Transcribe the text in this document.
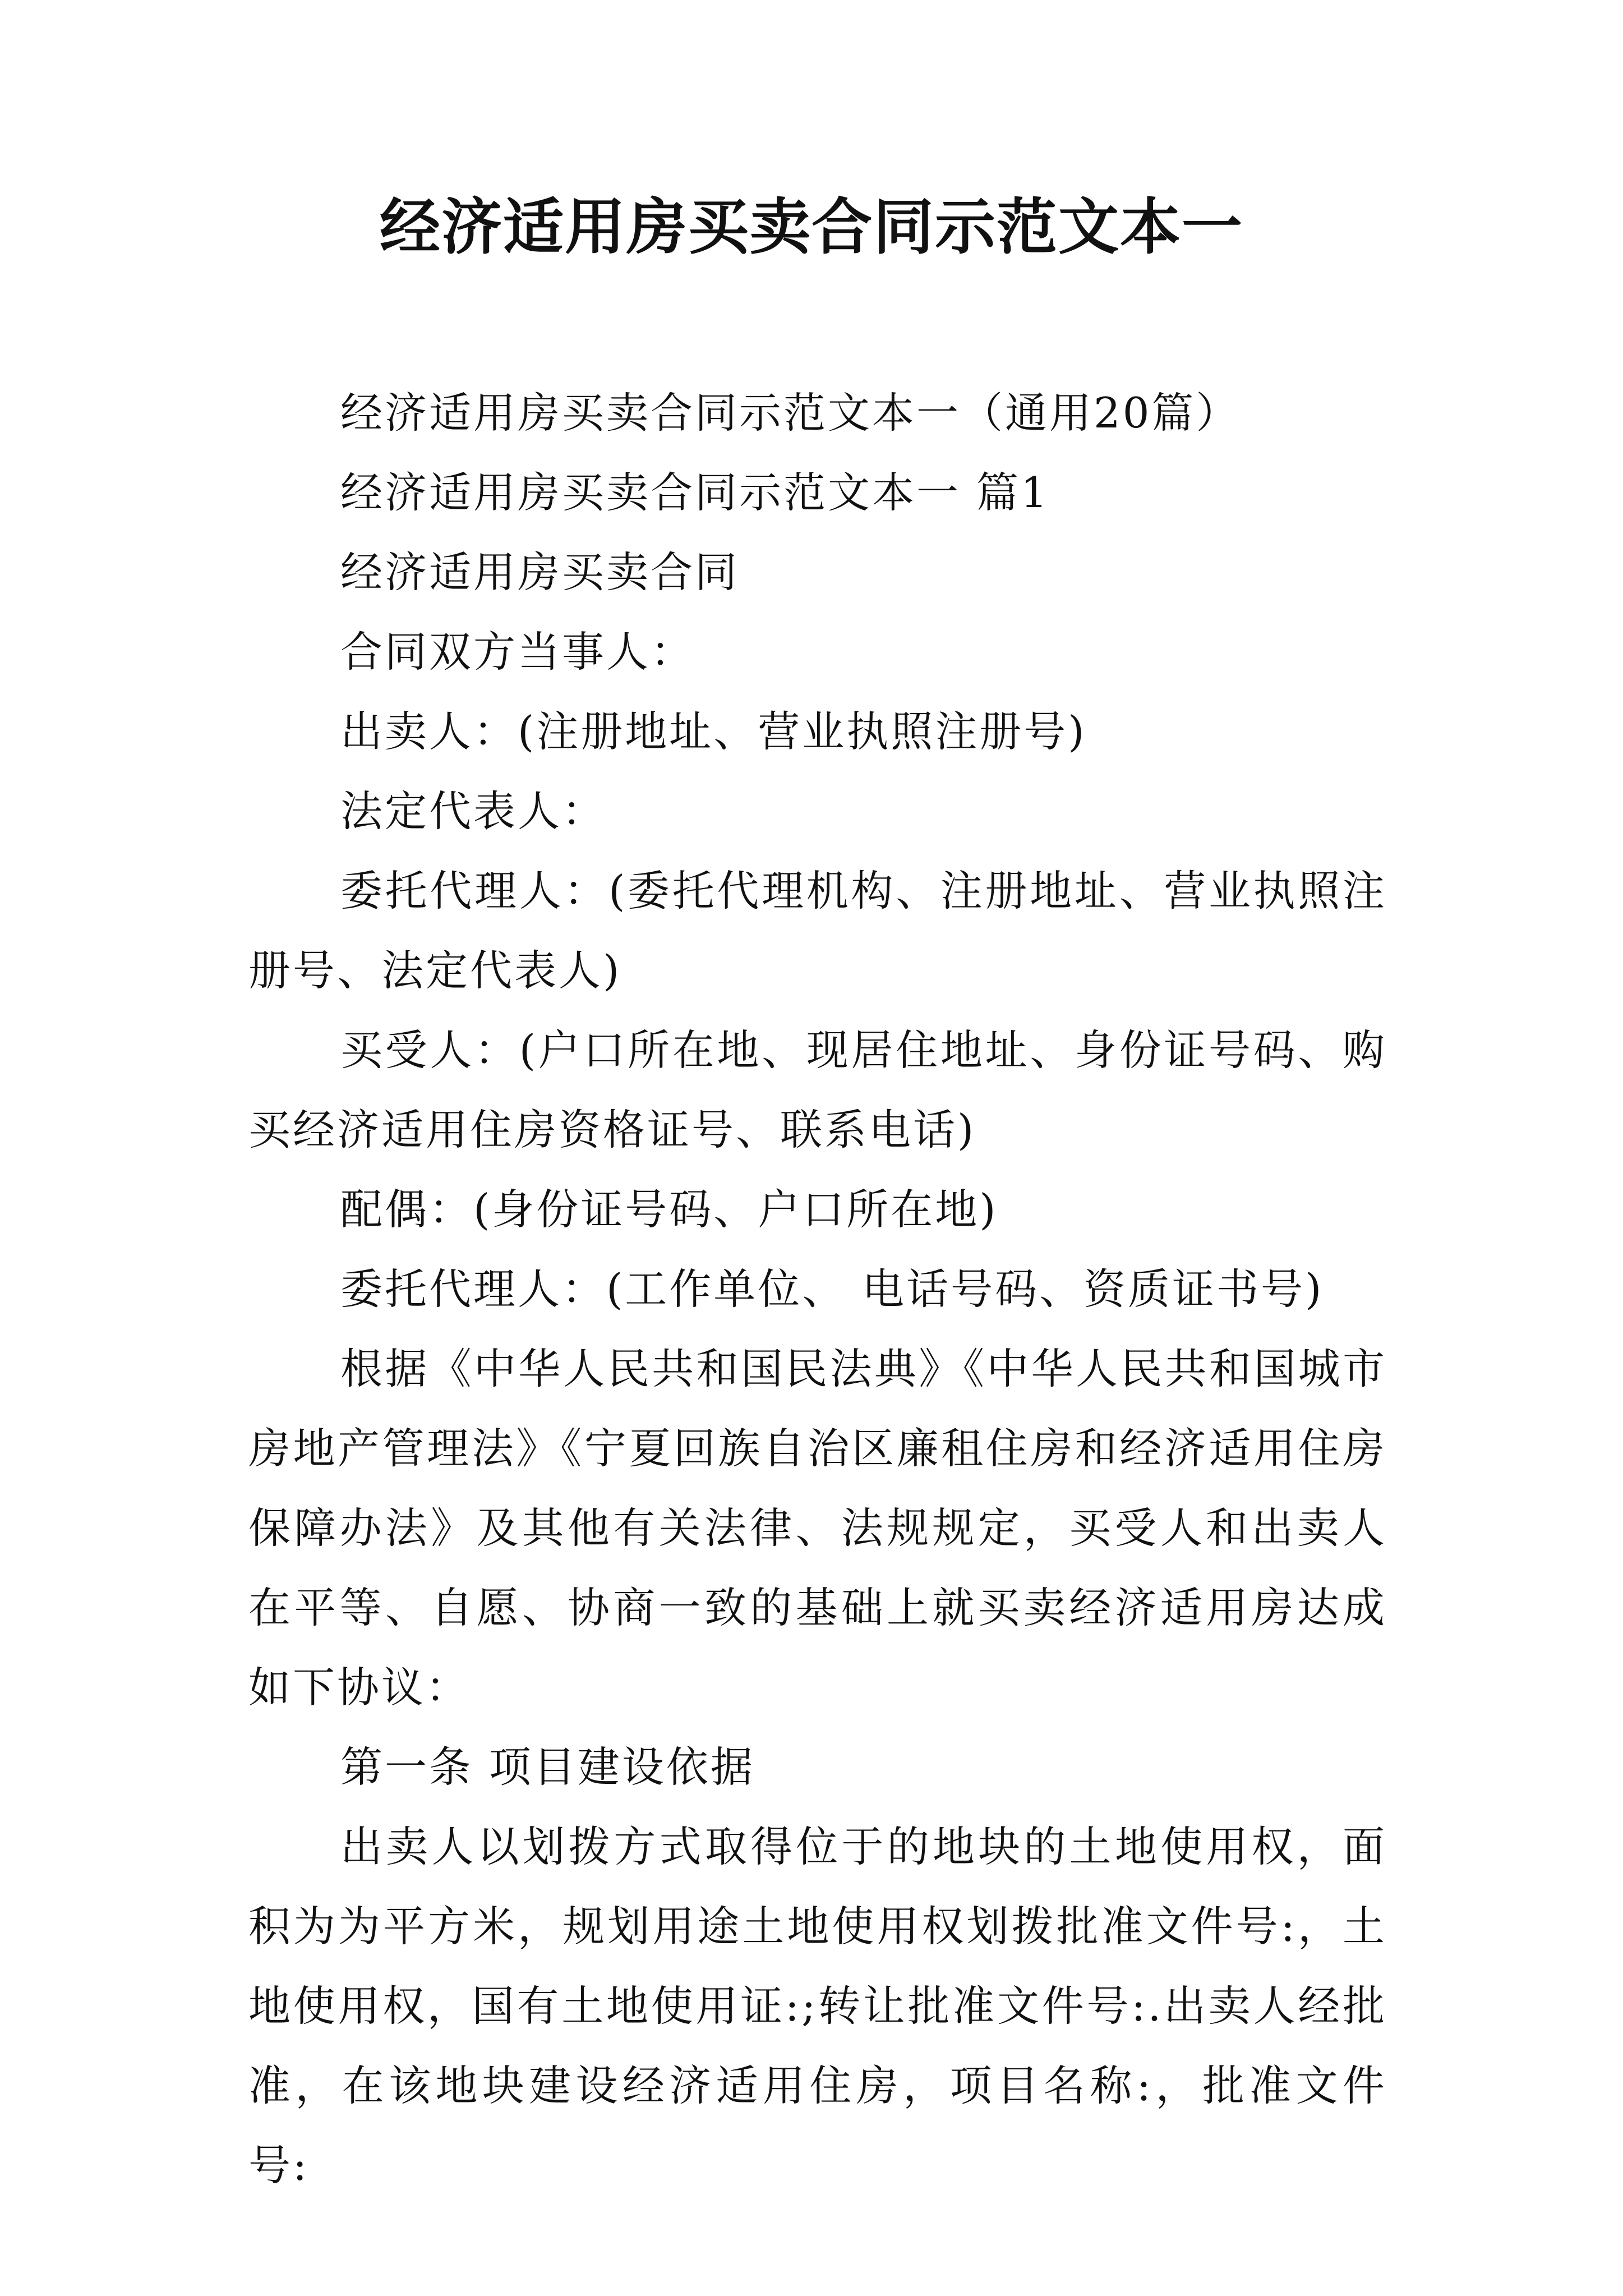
经济适用房买卖合同示范文本一

经济适用房买卖合同示范文本一（通用20篇）

经济适用房买卖合同示范文本一 篇1

经济适用房买卖合同

合同双方当事人：

出卖人：(注册地址、营业执照注册号)

法定代表人：

委托代理人：(委托代理机构、注册地址、营业执照注册号、法定代表人)

买受人：(户口所在地、现居住地址、身份证号码、购买经济适用住房资格证号、联系电话)

配偶：(身份证号码、户口所在地)

委托代理人：(工作单位、 电话号码、资质证书号)

根据《中华人民共和国民法典》《中华人民共和国城市房地产管理法》《宁夏回族自治区廉租住房和经济适用住房保障办法》及其他有关法律、法规规定，买受人和出卖人在平等、自愿、协商一致的基础上就买卖经济适用房达成如下协议：

第一条 项目建设依据

出卖人以划拨方式取得位于的地块的土地使用权，面积为为平方米，规划用途土地使用权划拨批准文件号:，土地使用权，国有土地使用证:;转让批准文件号:.出卖人经批准，在该地块建设经济适用住房，项目名称:，批准文件号:
